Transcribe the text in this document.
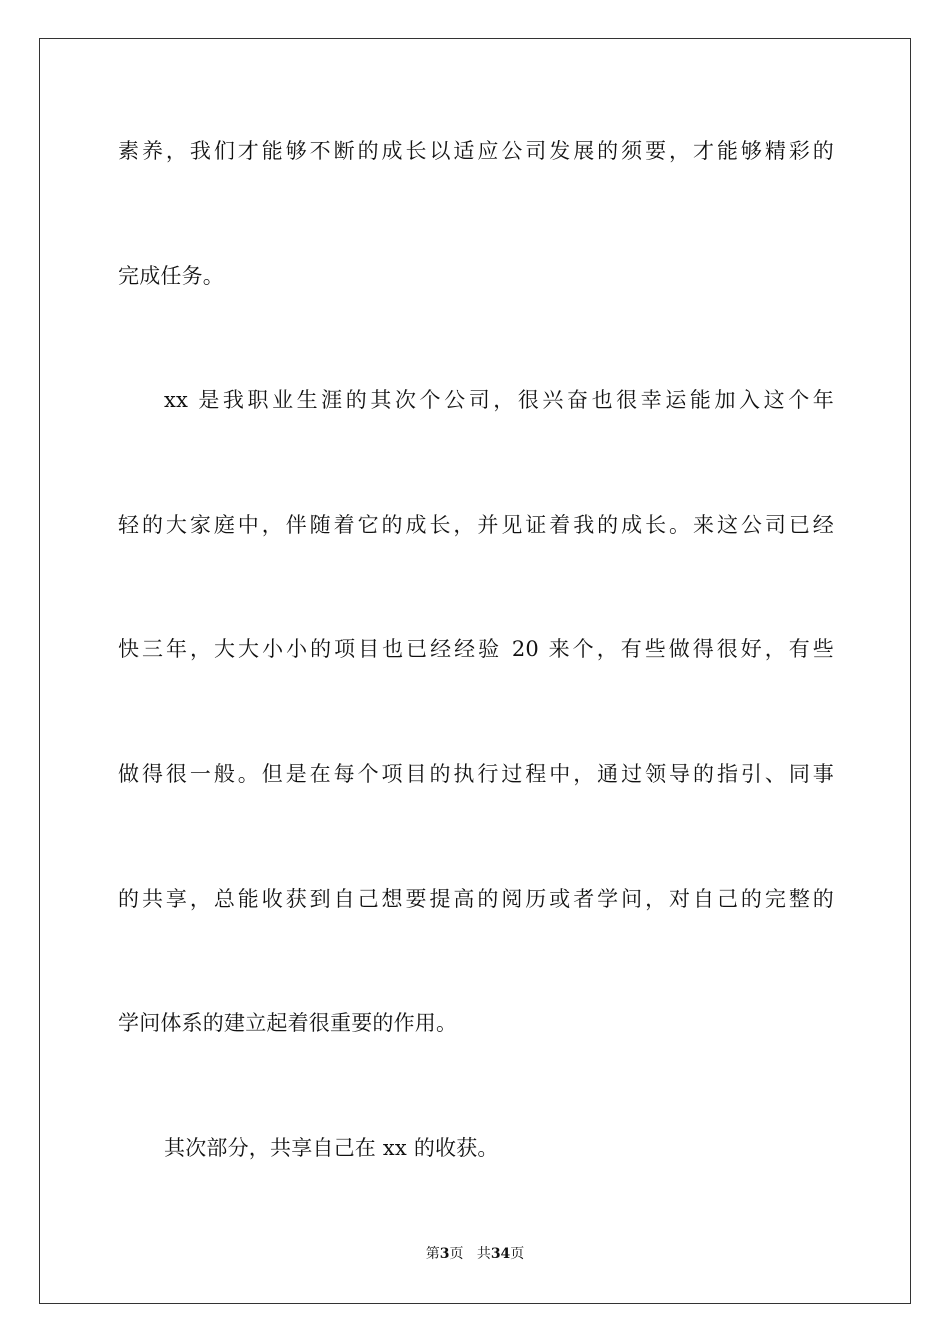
素养，我们才能够不断的成长以适应公司发展的须要，才能够精彩的
完成任务。
xx 是我职业生涯的其次个公司，很兴奋也很幸运能加入这个年
轻的大家庭中，伴随着它的成长，并见证着我的成长。来这公司已经
快三年，大大小小的项目也已经经验 20 来个，有些做得很好，有些
做得很一般。但是在每个项目的执行过程中，通过领导的指引、同事
的共享，总能收获到自己想要提高的阅历或者学问，对自己的完整的
学问体系的建立起着很重要的作用。
其次部分，共享自己在 xx 的收获。
第3页 共34页
